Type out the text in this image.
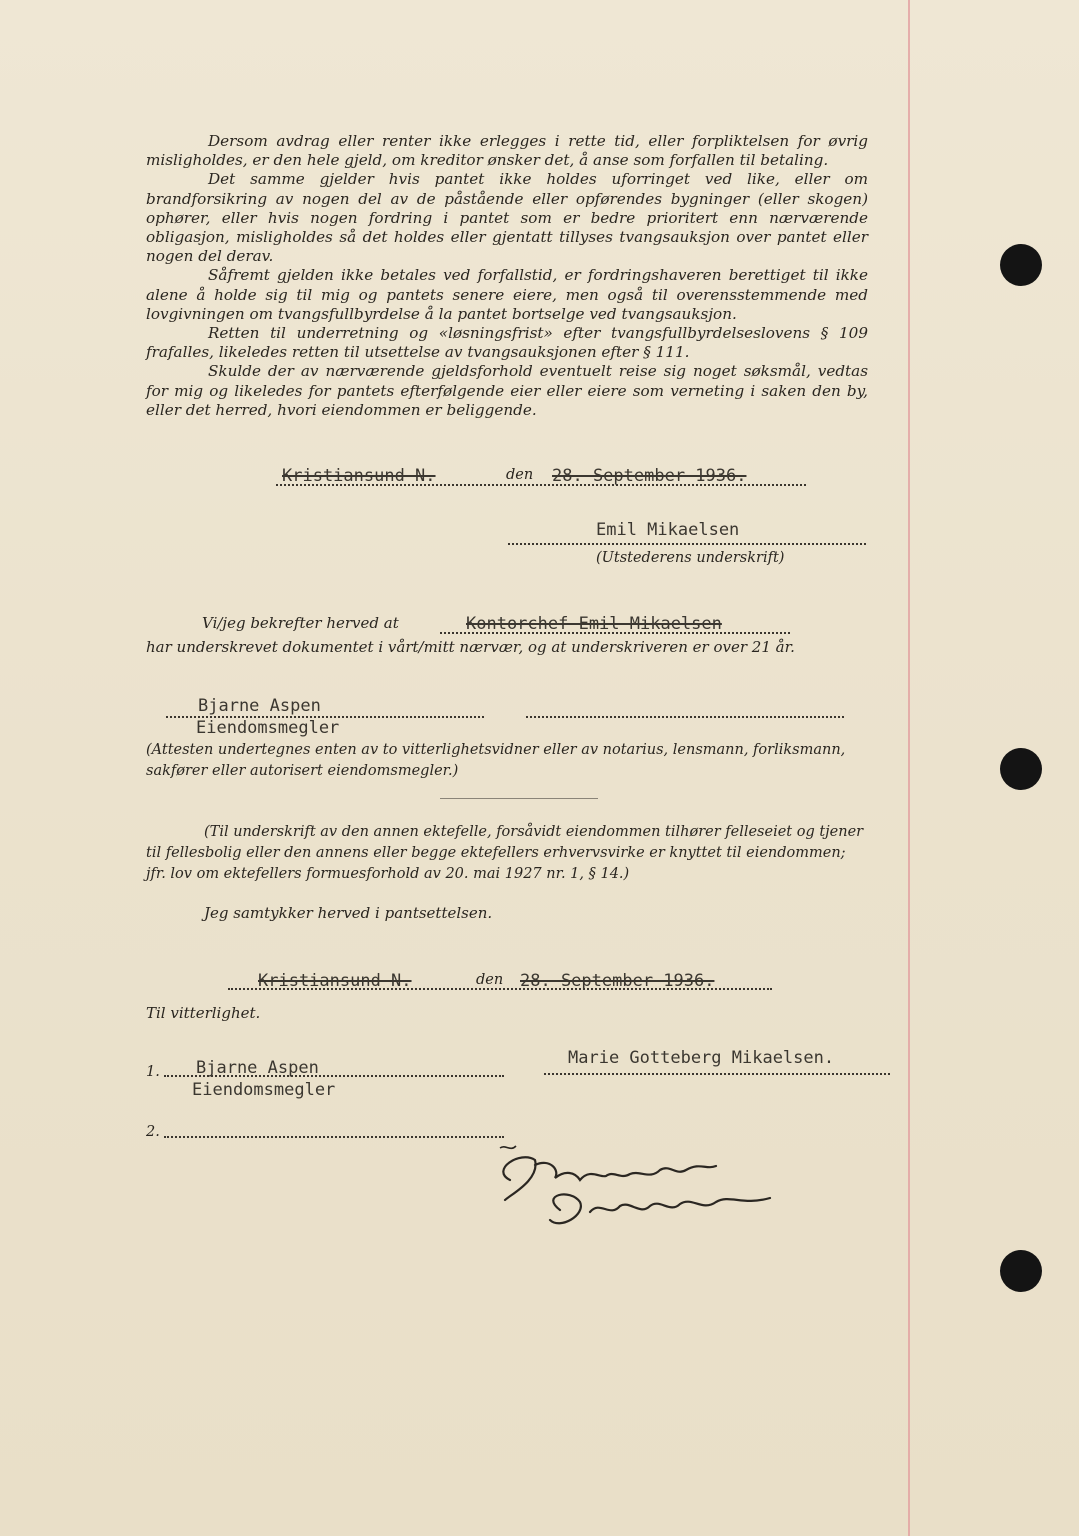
Dersom avdrag eller renter ikke erlegges i rette tid, eller forpliktelsen for øvrig misligholdes, er den hele gjeld, om kreditor ønsker det, å anse som forfallen til betaling.

Det samme gjelder hvis pantet ikke holdes uforringet ved like, eller om brandforsikring av nogen del av de påstående eller opførendes bygninger (eller skogen) ophører, eller hvis nogen fordring i pantet som er bedre prioritert enn nærværende obligasjon, misligholdes så det holdes eller gjentatt tillyses tvangsauksjon over pantet eller nogen del derav.

Såfremt gjelden ikke betales ved forfallstid, er fordringshaveren berettiget til ikke alene å holde sig til mig og pantets senere eiere, men også til overensstemmende med lovgivningen om tvangsfullbyrdelse å la pantet bortselge ved tvangsauksjon.

Retten til underretning og «løsningsfrist» efter tvangsfullbyrdelseslovens § 109 frafalles, likeledes retten til utsettelse av tvangsauksjonen efter § 111.

Skulde der av nærværende gjeldsforhold eventuelt reise sig noget søksmål, vedtas for mig og likeledes for pantets efterfølgende eier eller eiere som verneting i saken den by, eller det herred, hvori eiendommen er beliggende.

Kristiansund N.	den 28. September 1936.
Emil Mikaelsen
(Utstederens underskrift)
Vi/jeg bekrefter herved at	Kontorchef Emil Mikaelsen
har underskrevet dokumentet i vårt/mitt nærvær, og at underskriveren er over 21 år.
Bjarne Aspen
Eiendomsmegler

(Attesten undertegnes enten av to vitterlighetsvidner eller av notarius, lensmann, forliksmann, sakfører eller autorisert eiendomsmegler.)

(Til underskrift av den annen ektefelle, forsåvidt eiendommen tilhører felleseiet og tjener til fellesbolig eller den annens eller begge ektefellers erhvervsvirke er knyttet til eiendommen; jfr. lov om ektefellers formuesforhold av 20. mai 1927 nr. 1, § 14.)

Jeg samtykker herved i pantsettelsen.
Kristiansund N.	den 28. September 1936.
Til vitterlighet.
Marie Gotteberg Mikaelsen.
1. Bjarne Aspen
Eiendomsmegler
2.
